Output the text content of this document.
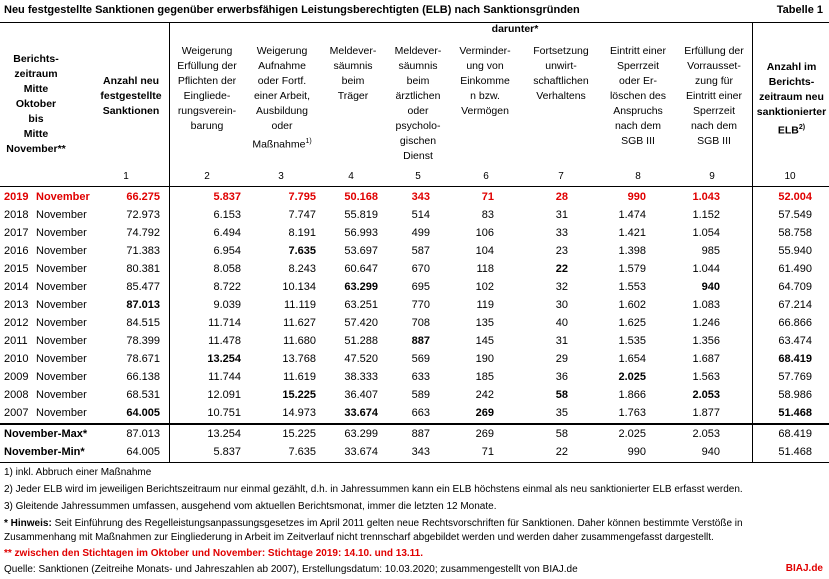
Neu festgestellte Sanktionen gegenüber erwerbsfähigen Leistungsberechtigten (ELB) nach Sanktionsgründen	Tabelle 1
darunter*
Berichts-
zeitraum
Mitte
Oktober
bis
Mitte
November**
Anzahl neu
festgestellte
Sanktionen
Weigerung
Erfüllung der
Pflichten der
Eingliede-
rungsverein-
barung
Weigerung
Aufnahme
oder Fortf.
einer Arbeit,
Ausbildung
oder
Maßnahme$^{1)}$
Meldever-
säumnis
beim
Träger
Meldever-
säumnis
beim
ärztlichen
oder
psycholo-
gischen
Dienst
Verminder-
ung von
Einkomme
n bzw.
Vermögen
Fortsetzung
unwirt-
schaftlichen
Verhaltens
Eintritt einer
Sperrzeit
oder Er-
löschen des
Anspruchs
nach dem
SGB III
Erfüllung der
Vorrausset-
zung für
Eintritt einer
Sperrzeit
nach dem
SGB III
Anzahl im
Berichts-
zeitraum neu
sanktionierter
ELB$^{2)}$
1	2	3	4	5	6	7	8	9	10
2019 November	66.275	5.837	7.795	50.168	343	71	28	990	1.043	52.004
2018 November	72.973	6.153	7.747	55.819	514	83	31	1.474	1.152	57.549
2017 November	74.792	6.494	8.191	56.993	499	106	33	1.421	1.054	58.758
2016 November	71.383	6.954	7.635	53.697	587	104	23	1.398	985	55.940
2015 November	80.381	8.058	8.243	60.647	670	118	22	1.579	1.044	61.490
2014 November	85.477	8.722	10.134	63.299	695	102	32	1.553	940	64.709
2013 November	87.013	9.039	11.119	63.251	770	119	30	1.602	1.083	67.214
2012 November	84.515	11.714	11.627	57.420	708	135	40	1.625	1.246	66.866
2011 November	78.399	11.478	11.680	51.288	887	145	31	1.535	1.356	63.474
2010 November	78.671	13.254	13.768	47.520	569	190	29	1.654	1.687	68.419
2009 November	66.138	11.744	11.619	38.333	633	185	36	2.025	1.563	57.769
2008 November	68.531	12.091	15.225	36.407	589	242	58	1.866	2.053	58.986
2007 November	64.005	10.751	14.973	33.674	663	269	35	1.763	1.877	51.468
November-Max*	87.013	13.254	15.225	63.299	887	269	58	2.025	2.053	68.419
November-Min*	64.005	5.837	7.635	33.674	343	71	22	990	940	51.468
1) inkl. Abbruch einer Maßnahme
2) Jeder ELB wird im jeweiligen Berichtszeitraum nur einmal gezählt, d.h. in Jahressummen kann ein ELB höchstens einmal als neu sanktionierter ELB erfasst werden.
3) Gleitende Jahressummen umfassen, ausgehend vom aktuellen Berichtsmonat, immer die letzten 12 Monate.
* Hinweis: Seit Einführung des Regelleistungsanpassungsgesetzes im April 2011 gelten neue Rechtsvorschriften für Sanktionen. Daher können bestimmte Verstöße in
Zusammenhang mit Maßnahmen zur Eingliederung in Arbeit im Zeitverlauf nicht trennscharf abgebildet werden und werden daher zusammengefasst dargestellt.
** zwischen den Stichtagen im Oktober und November: Stichtage 2019: 14.10. und 13.11.
Quelle: Sanktionen (Zeitreihe Monats- und Jahreszahlen ab 2007), Erstellungsdatum: 10.03.2020; zusammengestellt von BIAJ.de	BIAJ.de
